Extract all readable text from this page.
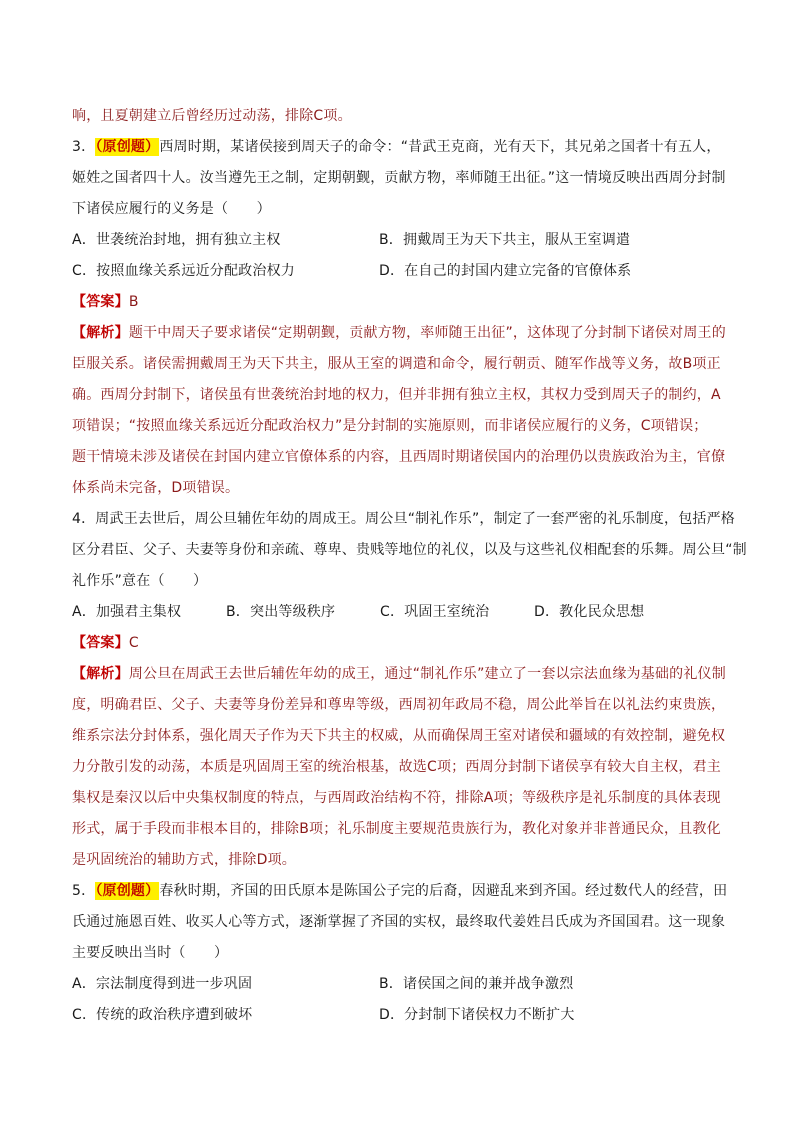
响，且夏朝建立后曾经历过动荡，排除C项。
3．（原创题）西周时期，某诸侯接到周天子的命令：“昔武王克商，光有天下，其兄弟之国者十有五人，
姬姓之国者四十人。汝当遵先王之制，定期朝觐，贡献方物，率师随王出征。”这一情境反映出西周分封制
下诸侯应履行的义务是（　　）
A．世袭统治封地，拥有独立主权	B．拥戴周王为天下共主，服从王室调遣
C．按照血缘关系远近分配政治权力	D．在自己的封国内建立完备的官僚体系
【答案】B
【解析】题干中周天子要求诸侯“定期朝觐，贡献方物，率师随王出征”，这体现了分封制下诸侯对周王的
臣服关系。诸侯需拥戴周王为天下共主，服从王室的调遣和命令，履行朝贡、随军作战等义务，故B项正
确。西周分封制下，诸侯虽有世袭统治封地的权力，但并非拥有独立主权，其权力受到周天子的制约，A
项错误；“按照血缘关系远近分配政治权力”是分封制的实施原则，而非诸侯应履行的义务，C项错误；
题干情境未涉及诸侯在封国内建立官僚体系的内容，且西周时期诸侯国内的治理仍以贵族政治为主，官僚
体系尚未完备，D项错误。
4．周武王去世后，周公旦辅佐年幼的周成王。周公旦“制礼作乐”，制定了一套严密的礼乐制度，包括严格
区分君臣、父子、夫妻等身份和亲疏、尊卑、贵贱等地位的礼仪，以及与这些礼仪相配套的乐舞。周公旦“制
礼作乐”意在（　　）
A．加强君主集权	B．突出等级秩序	C．巩固王室统治	D．教化民众思想
【答案】C
【解析】周公旦在周武王去世后辅佐年幼的成王，通过“制礼作乐”建立了一套以宗法血缘为基础的礼仪制
度，明确君臣、父子、夫妻等身份差异和尊卑等级，西周初年政局不稳，周公此举旨在以礼法约束贵族，
维系宗法分封体系，强化周天子作为天下共主的权威，从而确保周王室对诸侯和疆域的有效控制，避免权
力分散引发的动荡，本质是巩固周王室的统治根基，故选C项；西周分封制下诸侯享有较大自主权，君主
集权是秦汉以后中央集权制度的特点，与西周政治结构不符，排除A项；等级秩序是礼乐制度的具体表现
形式，属于手段而非根本目的，排除B项；礼乐制度主要规范贵族行为，教化对象并非普通民众，且教化
是巩固统治的辅助方式，排除D项。
5．（原创题）春秋时期，齐国的田氏原本是陈国公子完的后裔，因避乱来到齐国。经过数代人的经营，田
氏通过施恩百姓、收买人心等方式，逐渐掌握了齐国的实权，最终取代姜姓吕氏成为齐国国君。这一现象
主要反映出当时（　　）
A．宗法制度得到进一步巩固	B．诸侯国之间的兼并战争激烈
C．传统的政治秩序遭到破坏	D．分封制下诸侯权力不断扩大
